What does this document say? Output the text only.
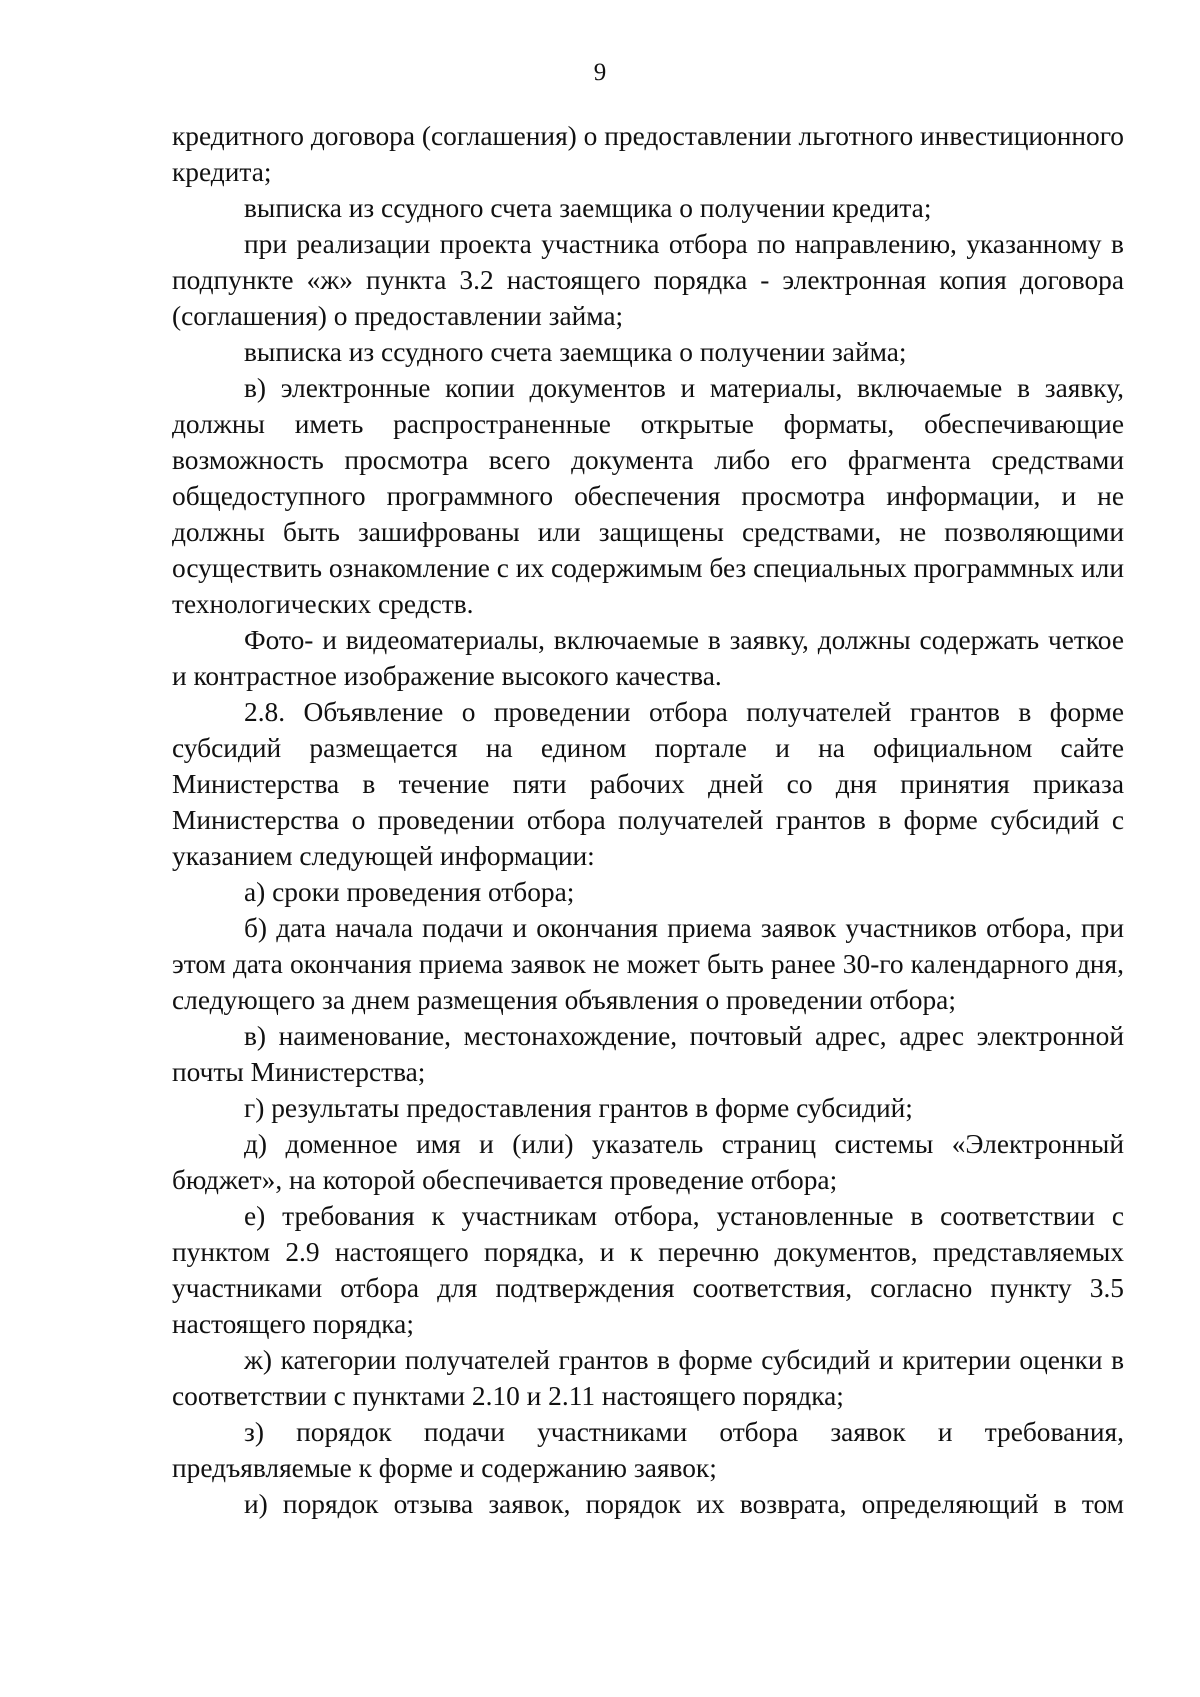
9

кредитного договора (соглашения) о предоставлении льготного инвестиционного кредита;

выписка из ссудного счета заемщика о получении кредита;

при реализации проекта участника отбора по направлению, указанному в подпункте «ж» пункта 3.2 настоящего порядка - электронная копия договора (соглашения) о предоставлении займа;

выписка из ссудного счета заемщика о получении займа;

в) электронные копии документов и материалы, включаемые в заявку, должны иметь распространенные открытые форматы, обеспечивающие возможность просмотра всего документа либо его фрагмента средствами общедоступного программного обеспечения просмотра информации, и не должны быть зашифрованы или защищены средствами, не позволяющими осуществить ознакомление с их содержимым без специальных программных или технологических средств.

Фото- и видеоматериалы, включаемые в заявку, должны содержать четкое и контрастное изображение высокого качества.

2.8. Объявление о проведении отбора получателей грантов в форме субсидий размещается на едином портале и на официальном сайте Министерства в течение пяти рабочих дней со дня принятия приказа Министерства о проведении отбора получателей грантов в форме субсидий с указанием следующей информации:

а) сроки проведения отбора;

б) дата начала подачи и окончания приема заявок участников отбора, при этом дата окончания приема заявок не может быть ранее 30-го календарного дня, следующего за днем размещения объявления о проведении отбора;

в) наименование, местонахождение, почтовый адрес, адрес электронной почты Министерства;

г) результаты предоставления грантов в форме субсидий;

д) доменное имя и (или) указатель страниц системы «Электронный бюджет», на которой обеспечивается проведение отбора;

е) требования к участникам отбора, установленные в соответствии с пунктом 2.9 настоящего порядка, и к перечню документов, представляемых участниками отбора для подтверждения соответствия, согласно пункту 3.5 настоящего порядка;

ж) категории получателей грантов в форме субсидий и критерии оценки в соответствии с пунктами 2.10 и 2.11 настоящего порядка;

з) порядок подачи участниками отбора заявок и требования, предъявляемые к форме и содержанию заявок;

и) порядок отзыва заявок, порядок их возврата, определяющий в том
